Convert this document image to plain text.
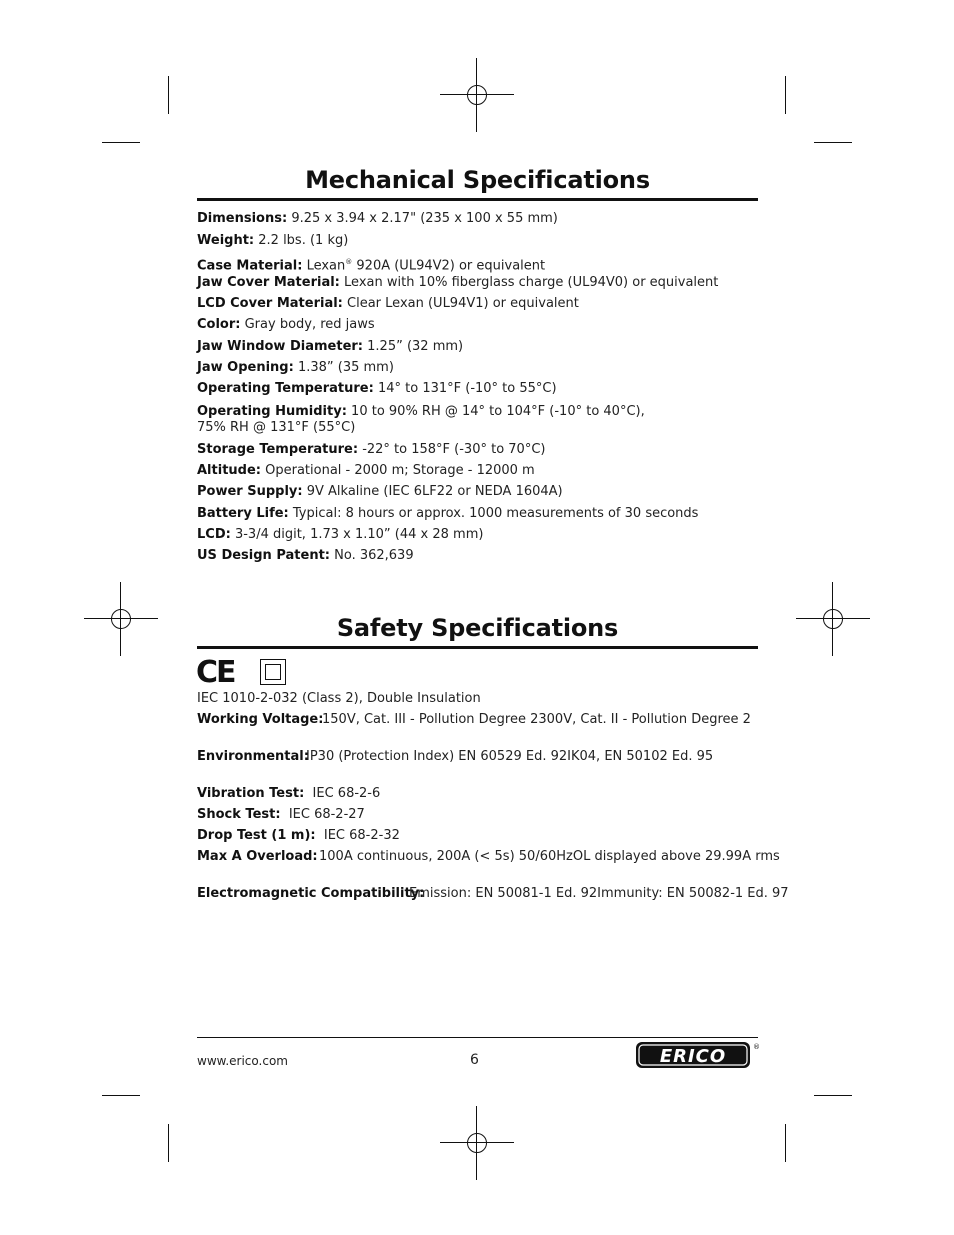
Mechanical Specifications
Dimensions: 9.25 x 3.94 x 2.17" (235 x 100 x 55 mm)
Weight: 2.2 lbs. (1 kg)
Case Material: Lexan® 920A (UL94V2) or equivalent
Jaw Cover Material: Lexan with 10% fiberglass charge (UL94V0) or equivalent
LCD Cover Material: Clear Lexan (UL94V1) or equivalent
Color: Gray body, red jaws
Jaw Window Diameter: 1.25” (32 mm)
Jaw Opening: 1.38” (35 mm)
Operating Temperature: 14° to 131°F (-10° to 55°C)
Operating Humidity: 10 to 90% RH @ 14° to 104°F (-10° to 40°C),
75% RH @ 131°F (55°C)
Storage Temperature: -22° to 158°F (-30° to 70°C)
Altitude: Operational - 2000 m; Storage - 12000 m
Power Supply: 9V Alkaline (IEC 6LF22 or NEDA 1604A)
Battery Life: Typical: 8 hours or approx. 1000 measurements of 30 seconds
LCD: 3-3/4 digit, 1.73 x 1.10” (44 x 28 mm)
US Design Patent: No. 362,639
Safety Specifications
CE
IEC 1010-2-032 (Class 2), Double Insulation
Working Voltage:
150V, Cat. III - Pollution Degree 2300V, Cat. II - Pollution Degree 2
Environmental:
IP30 (Protection Index) EN 60529 Ed. 92IK04, EN 50102 Ed. 95
Vibration Test: IEC 68-2-6
Shock Test: IEC 68-2-27
Drop Test (1 m): IEC 68-2-32
Max A Overload: 100A continuous, 200A (< 5s) 50/60HzOL displayed above 29.99A rms
Electromagnetic Compatibility:
Emission: EN 50081-1 Ed. 92Immunity: EN 50082-1 Ed. 97
www.erico.com	6	ERICO	®
